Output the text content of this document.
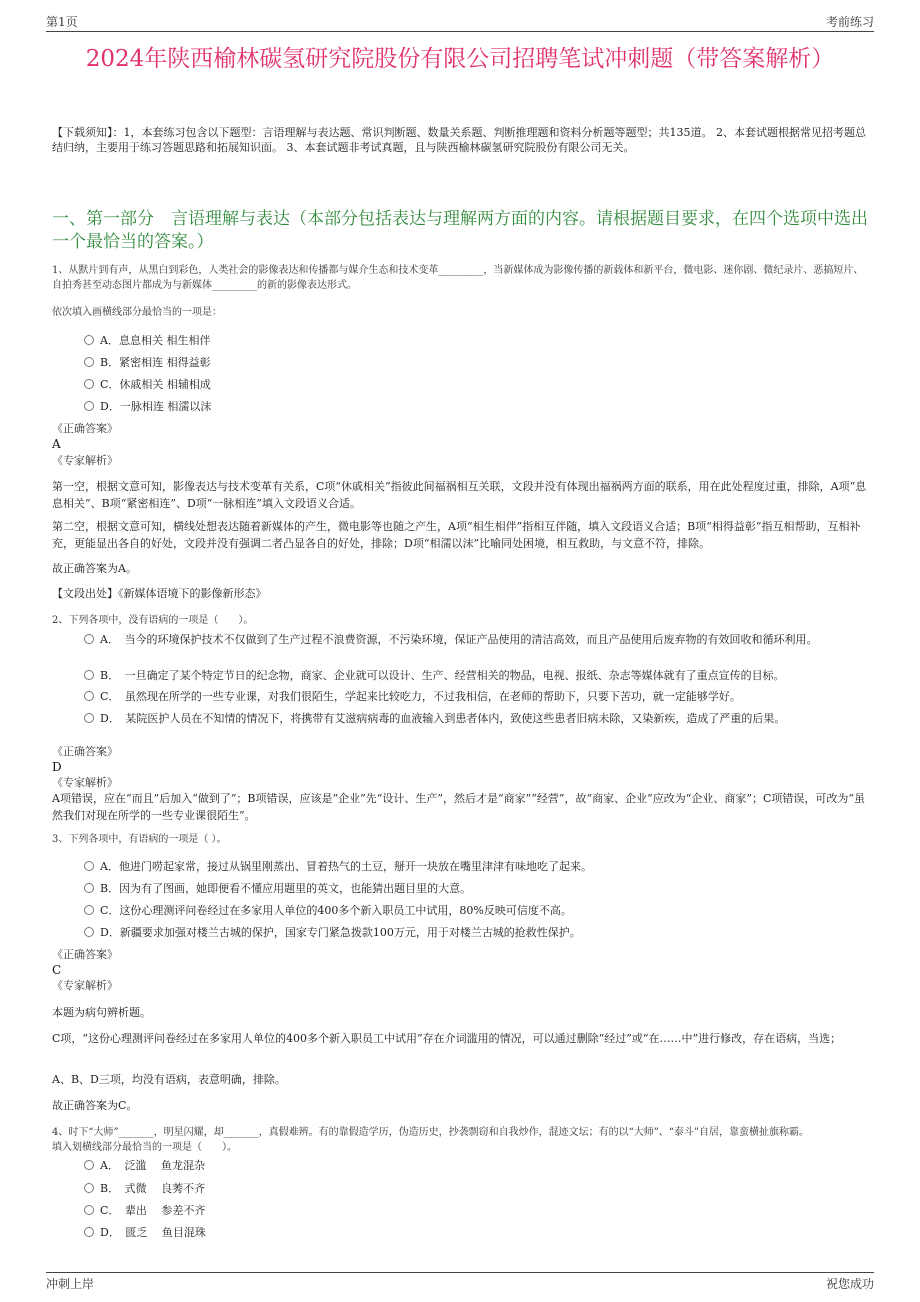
第1页	考前练习
2024年陕西榆林碳氢研究院股份有限公司招聘笔试冲刺题（带答案解析）
【下载须知】：1，本套练习包含以下题型：言语理解与表达题、常识判断题、数量关系题、判断推理题和资料分析题等题型；共135道。 2、本套试题根据常见招考题总结归纳，主要用于练习答题思路和拓展知识面。 3、本套试题非考试真题，且与陕西榆林碳氢研究院股份有限公司无关。
一、第一部分　言语理解与表达（本部分包括表达与理解两方面的内容。请根据题目要求，在四个选项中选出一个最恰当的答案。）
1、从默片到有声，从黑白到彩色，人类社会的影像表达和传播都与媒介生态和技术变革_________，当新媒体成为影像传播的新载体和新平台，微电影、迷你剧、微纪录片、恶搞短片、自拍秀甚至动态图片都成为与新媒体_________的新的影像表达形式。
依次填入画横线部分最恰当的一项是：
A．息息相关 相生相伴
B．紧密相连 相得益彰
C．休戚相关 相辅相成
D．一脉相连 相濡以沫
《正确答案》
A
《专家解析》
第一空，根据文意可知，影像表达与技术变革有关系，C项“休戚相关”指彼此间福祸相互关联，文段并没有体现出福祸两方面的联系，用在此处程度过重，排除，A项“息息相关”、B项“紧密相连”、D项“一脉相连”填入文段语义合适。
第二空，根据文意可知，横线处想表达随着新媒体的产生，微电影等也随之产生，A项“相生相伴”指相互伴随，填入文段语义合适；B项“相得益彰”指互相帮助，互相补充，更能显出各自的好处，文段并没有强调二者凸显各自的好处，排除；D项“相濡以沫”比喻同处困境，相互救助，与文意不符，排除。
故正确答案为A。
【文段出处】《新媒体语境下的影像新形态》
2、下列各项中，没有语病的一项是（　　）。
A．　当今的环境保护技术不仅做到了生产过程不浪费资源，不污染环境，保证产品使用的清洁高效，而且产品使用后废弃物的有效回收和循环利用。
B．　一旦确定了某个特定节日的纪念物，商家、企业就可以设计、生产、经营相关的物品，电视、报纸、杂志等媒体就有了重点宣传的目标。
C．　虽然现在所学的一些专业课，对我们很陌生，学起来比较吃力，不过我相信，在老师的帮助下，只要下苦功，就一定能够学好。
D．　某院医护人员在不知情的情况下，将携带有艾滋病病毒的血液输入到患者体内，致使这些患者旧病未除，又染新疾，造成了严重的后果。
《正确答案》
D
《专家解析》
A项错误，应在“而且”后加入“做到了”；B项错误，应该是“企业”先“设计、生产”，然后才是“商家”“经营”，故“商家、企业”应改为“企业、商家”；C项错误，可改为“虽然我们对现在所学的一些专业课很陌生”。
3、下列各项中，有语病的一项是（ ）。
A．他进门唠起家常，接过从锅里刚蒸出、冒着热气的土豆，掰开一块放在嘴里津津有味地吃了起来。
B．因为有了图画，她即便看不懂应用题里的英文，也能猜出题目里的大意。
C．这份心理测评问卷经过在多家用人单位的400多个新入职员工中试用，80%反映可信度不高。
D．新疆要求加强对楼兰古城的保护，国家专门紧急拨款100万元，用于对楼兰古城的抢救性保护。
《正确答案》
C
《专家解析》
本题为病句辨析题。
C项，“这份心理测评问卷经过在多家用人单位的400多个新入职员工中试用”存在介词滥用的情况，可以通过删除“经过”或“在……中”进行修改，存在语病，当选；
A、B、D三项，均没有语病，表意明确，排除。
故正确答案为C。
4、时下“大师”_______，明星闪耀，却_______，真假难辨。有的靠假造学历，伪造历史，抄袭剽窃和自我炒作，混迹文坛；有的以“大师”、“泰斗”自居，靠蛮横扯旗称霸。
填入划横线部分最恰当的一项是（　　）。
A．　泛滥　 鱼龙混杂
B．　式微　 良莠不齐
C．　辈出　 参差不齐
D．　匮乏　 鱼目混珠
冲刺上岸	祝您成功
